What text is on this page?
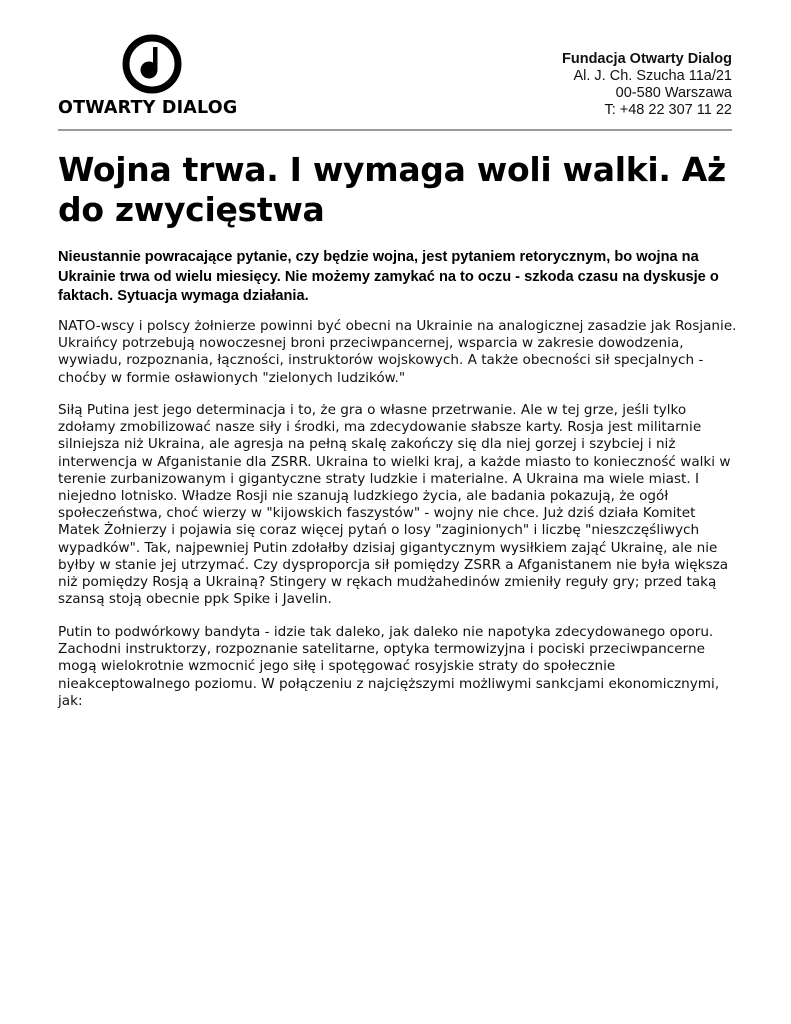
OTWARTY DIALOG
Fundacja Otwarty Dialog
Al. J. Ch. Szucha 11a/21
00-580 Warszawa
T: +48 22 307 11 22
Wojna trwa. I wymaga woli walki. Aż do zwycięstwa

Nieustannie powracające pytanie, czy będzie wojna, jest pytaniem retorycznym, bo wojna na Ukrainie trwa od wielu miesięcy. Nie możemy zamykać na to oczu - szkoda czasu na dyskusje o faktach. Sytuacja wymaga działania.

NATO-wscy i polscy żołnierze powinni być obecni na Ukrainie na analogicznej zasadzie jak Rosjanie. Ukraińcy potrzebują nowoczesnej broni przeciwpancernej, wsparcia w zakresie dowodzenia, wywiadu, rozpoznania, łączności, instruktorów wojskowych. A także obecności sił specjalnych - choćby w formie osławionych "zielonych ludzików."

Siłą Putina jest jego determinacja i to, że gra o własne przetrwanie. Ale w tej grze, jeśli tylko zdołamy zmobilizować nasze siły i środki, ma zdecydowanie słabsze karty. Rosja jest militarnie silniejsza niż Ukraina, ale agresja na pełną skalę zakończy się dla niej gorzej i szybciej i niż interwencja w Afganistanie dla ZSRR. Ukraina to wielki kraj, a każde miasto to konieczność walki w terenie zurbanizowanym i gigantyczne straty ludzkie i materialne. A Ukraina ma wiele miast. I niejedno lotnisko. Władze Rosji nie szanują ludzkiego życia, ale badania pokazują, że ogół społeczeństwa, choć wierzy w "kijowskich faszystów" - wojny nie chce. Już dziś działa Komitet Matek Żołnierzy i pojawia się coraz więcej pytań o losy "zaginionych" i liczbę "nieszczęśliwych wypadków". Tak, najpewniej Putin zdołałby dzisiaj gigantycznym wysiłkiem zająć Ukrainę, ale nie byłby w stanie jej utrzymać. Czy dysproporcja sił pomiędzy ZSRR a Afganistanem nie była większa niż pomiędzy Rosją a Ukrainą? Stingery w rękach mudżahedinów zmieniły reguły gry; przed taką szansą stoją obecnie ppk Spike i Javelin.

Putin to podwórkowy bandyta - idzie tak daleko, jak daleko nie napotyka zdecydowanego oporu. Zachodni instruktorzy, rozpoznanie satelitarne, optyka termowizyjna i pociski przeciwpancerne mogą wielokrotnie wzmocnić jego siłę i spotęgować rosyjskie straty do społecznie nieakceptowalnego poziomu. W połączeniu z najcięższymi możliwymi sankcjami ekonomicznymi, jak:
